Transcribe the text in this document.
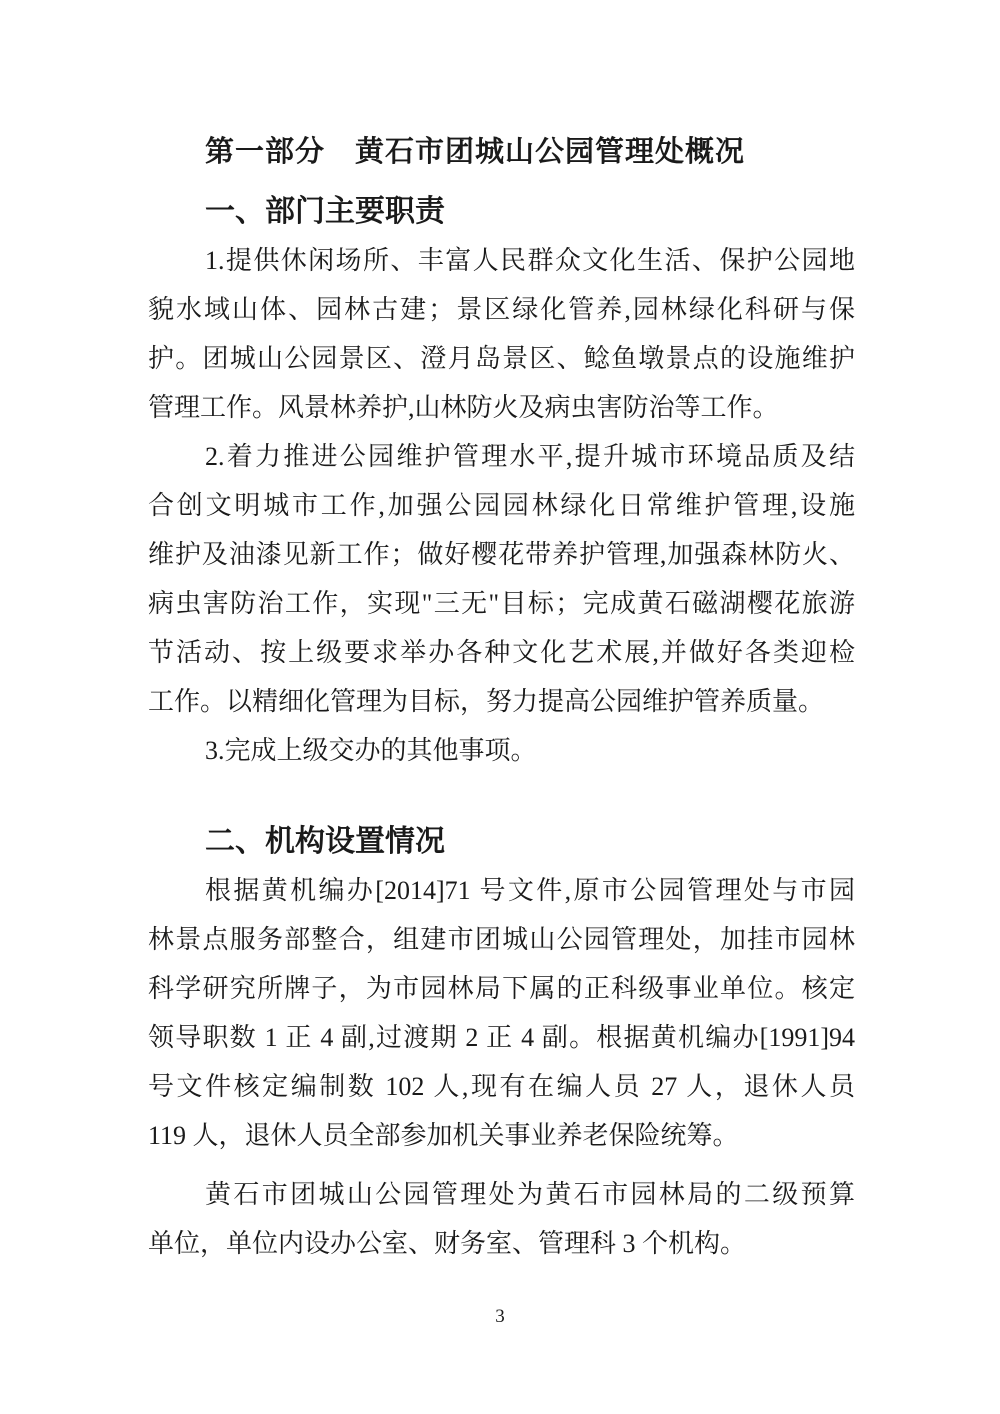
第一部分　黄石市团城山公园管理处概况
一、部门主要职责
1.提供休闲场所、丰富人民群众文化生活、保护公园地
貌水域山体、园林古建；景区绿化管养,园林绿化科研与保
护。团城山公园景区、澄月岛景区、鲶鱼墩景点的设施维护
管理工作。风景林养护,山林防火及病虫害防治等工作。
2.着力推进公园维护管理水平,提升城市环境品质及结
合创文明城市工作,加强公园园林绿化日常维护管理,设施
维护及油漆见新工作；做好樱花带养护管理,加强森林防火、
病虫害防治工作，实现"三无"目标；完成黄石磁湖樱花旅游
节活动、按上级要求举办各种文化艺术展,并做好各类迎检
工作。以精细化管理为目标，努力提高公园维护管养质量。
3.完成上级交办的其他事项。
二、机构设置情况
根据黄机编办[2014]71 号文件,原市公园管理处与市园
林景点服务部整合，组建市团城山公园管理处，加挂市园林
科学研究所牌子，为市园林局下属的正科级事业单位。核定
领导职数 1 正 4 副,过渡期 2 正 4 副。根据黄机编办[1991]94
号文件核定编制数 102 人,现有在编人员 27 人，退休人员
119 人，退休人员全部参加机关事业养老保险统筹。
黄石市团城山公园管理处为黄石市园林局的二级预算
单位，单位内设办公室、财务室、管理科 3 个机构。
3
